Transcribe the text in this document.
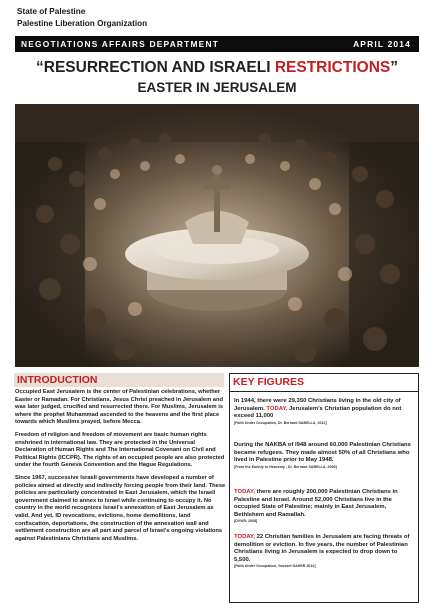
State of Palestine
Palestine Liberation Organization
NEGOTIATIONS AFFAIRS DEPARTMENT	APRIL 2014
“RESURRECTION AND ISRAELI RESTRICTIONS”
EASTER IN JERUSALEM
INTRODUCTION

Occupied East Jerusalem is the center of Palestinian celebrations, whether Easter or Ramadan. For Christians, Jesus Christ preached in Jerusalem and was later judged, crucified and resurrected there. For Muslims, Jerusalem is where the prophet Muhammad ascended to the heavens and the first place towards which Muslims prayed, before Mecca.

Freedom of religion and freedom of movement are basic human rights enshrined in international law. They are protected in the Universal Declaration of Human Rights and The International Covenant on Civil and Political Rights (ICCPR). The rights of an occupied people are also protected under the fourth Geneva Convention and the Hague Regulations.

Since 1967, successive Israeli governments have developed a number of policies aimed at directly and indirectly forcing people from their land. These policies are particularly concentrated in East Jerusalem, which the Israeli government claimed to annex to Israel while continuing to occupy it. No country in the world recognizes Israel's annexation of East Jerusalem as valid. And yet, ID revocations, evictions, home demolitions, land confiscation, deportations, the construction of the annexation wall and settlement construction are all part and parcel of Israel's ongoing violations against Palestinians Christians and Muslims.

KEY FIGURES
In 1944, there were 29,350 Christians living in the old city of Jerusalem. TODAY, Jerusalem's Christian population do not exceed 11,000
[Faith Under Occupation, Dr. Bernard SABELLA, 2012]
During the NAKBA of l948 around 60,000 Palestinian Christians became refugees. They made almost 50% of all Christians who lived in Palestine prior to May 1948.
[From the Earthly to Heavenly , Dr. Bernard SABELLA, 2008]
TODAY, there are roughly 200,000 Palestinian Christians in Palestine and Israel. Around 52,000 Christians live in the occupied State of Palestine; mainly in East Jerusalem, Bethlehem and Ramallah.
[DIYAR, 2008]
TODAY, 22 Christian families in Jerusalem are facing threats of demolition or eviction. In five years, the number of Palestinian Christians living in Jerusalem is expected to drop down to 5,500.
[Faith Under Occupation, Youssef DAHER 2012]
